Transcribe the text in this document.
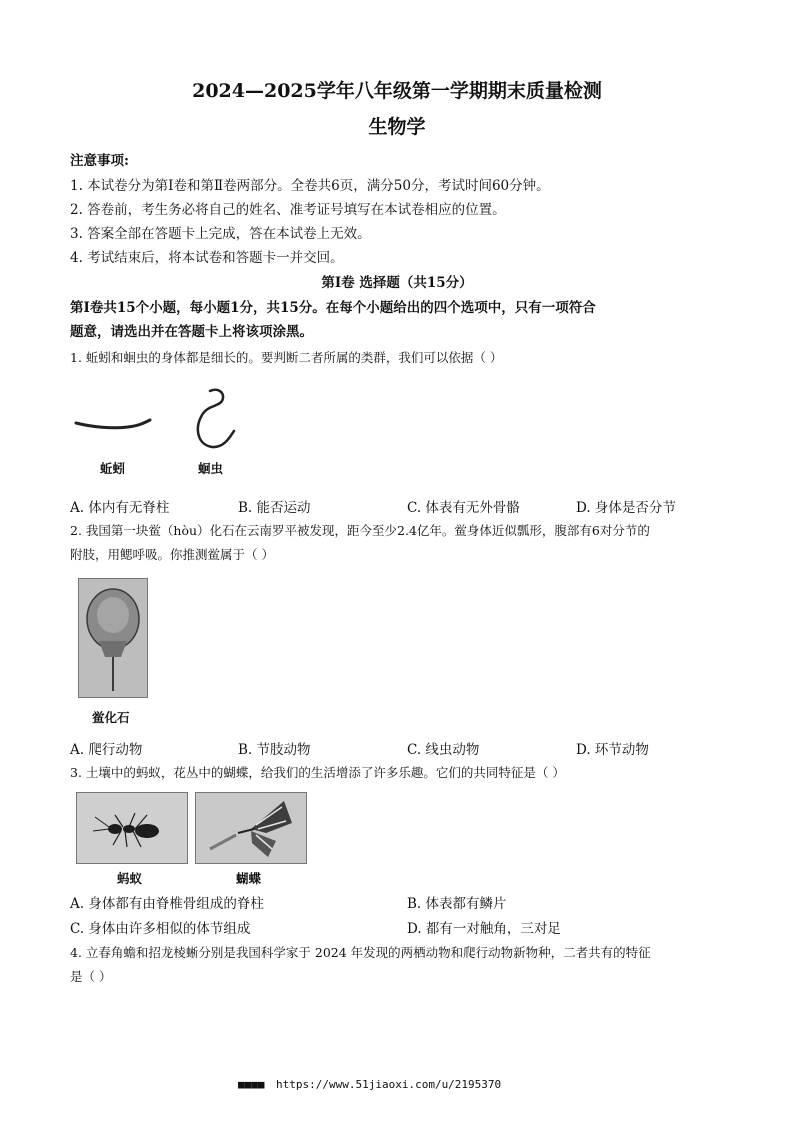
2024—2025学年八年级第一学期期末质量检测
生物学
注意事项:
1. 本试卷分为第Ⅰ卷和第Ⅱ卷两部分。全卷共6页，满分50分，考试时间60分钟。
2. 答卷前，考生务必将自己的姓名、准考证号填写在本试卷相应的位置。
3. 答案全部在答题卡上完成，答在本试卷上无效。
4. 考试结束后，将本试卷和答题卡一并交回。
第Ⅰ卷 选择题（共15分）
第Ⅰ卷共15个小题，每小题1分，共15分。在每个小题给出的四个选项中，只有一项符合
题意，请选出并在答题卡上将该项涂黑。
1. 蚯蚓和蛔虫的身体都是细长的。要判断二者所属的类群，我们可以依据（ ）
蚯蚓	蛔虫
A. 体内有无脊柱	B. 能否运动	C. 体表有无外骨骼	D. 身体是否分节
2. 我国第一块鲎（hòu）化石在云南罗平被发现，距今至少2.4亿年。鲎身体近似瓢形，腹部有6对分节的
附肢，用鳃呼吸。你推测鲎属于（ ）
鲎化石
A. 爬行动物	B. 节肢动物	C. 线虫动物	D. 环节动物
3. 土壤中的蚂蚁，花丛中的蝴蝶，给我们的生活增添了许多乐趣。它们的共同特征是（ ）
蚂蚁	蝴蝶
A. 身体都有由脊椎骨组成的脊柱	B. 体表都有鳞片
C. 身体由许多相似的体节组成	D. 都有一对触角，三对足
4. 立春角蟾和招龙棱蜥分别是我国科学家于 2024 年发现的两栖动物和爬行动物新物种，二者共有的特征
是（ ）
■■■■ https://www.51jiaoxi.com/u/2195370
